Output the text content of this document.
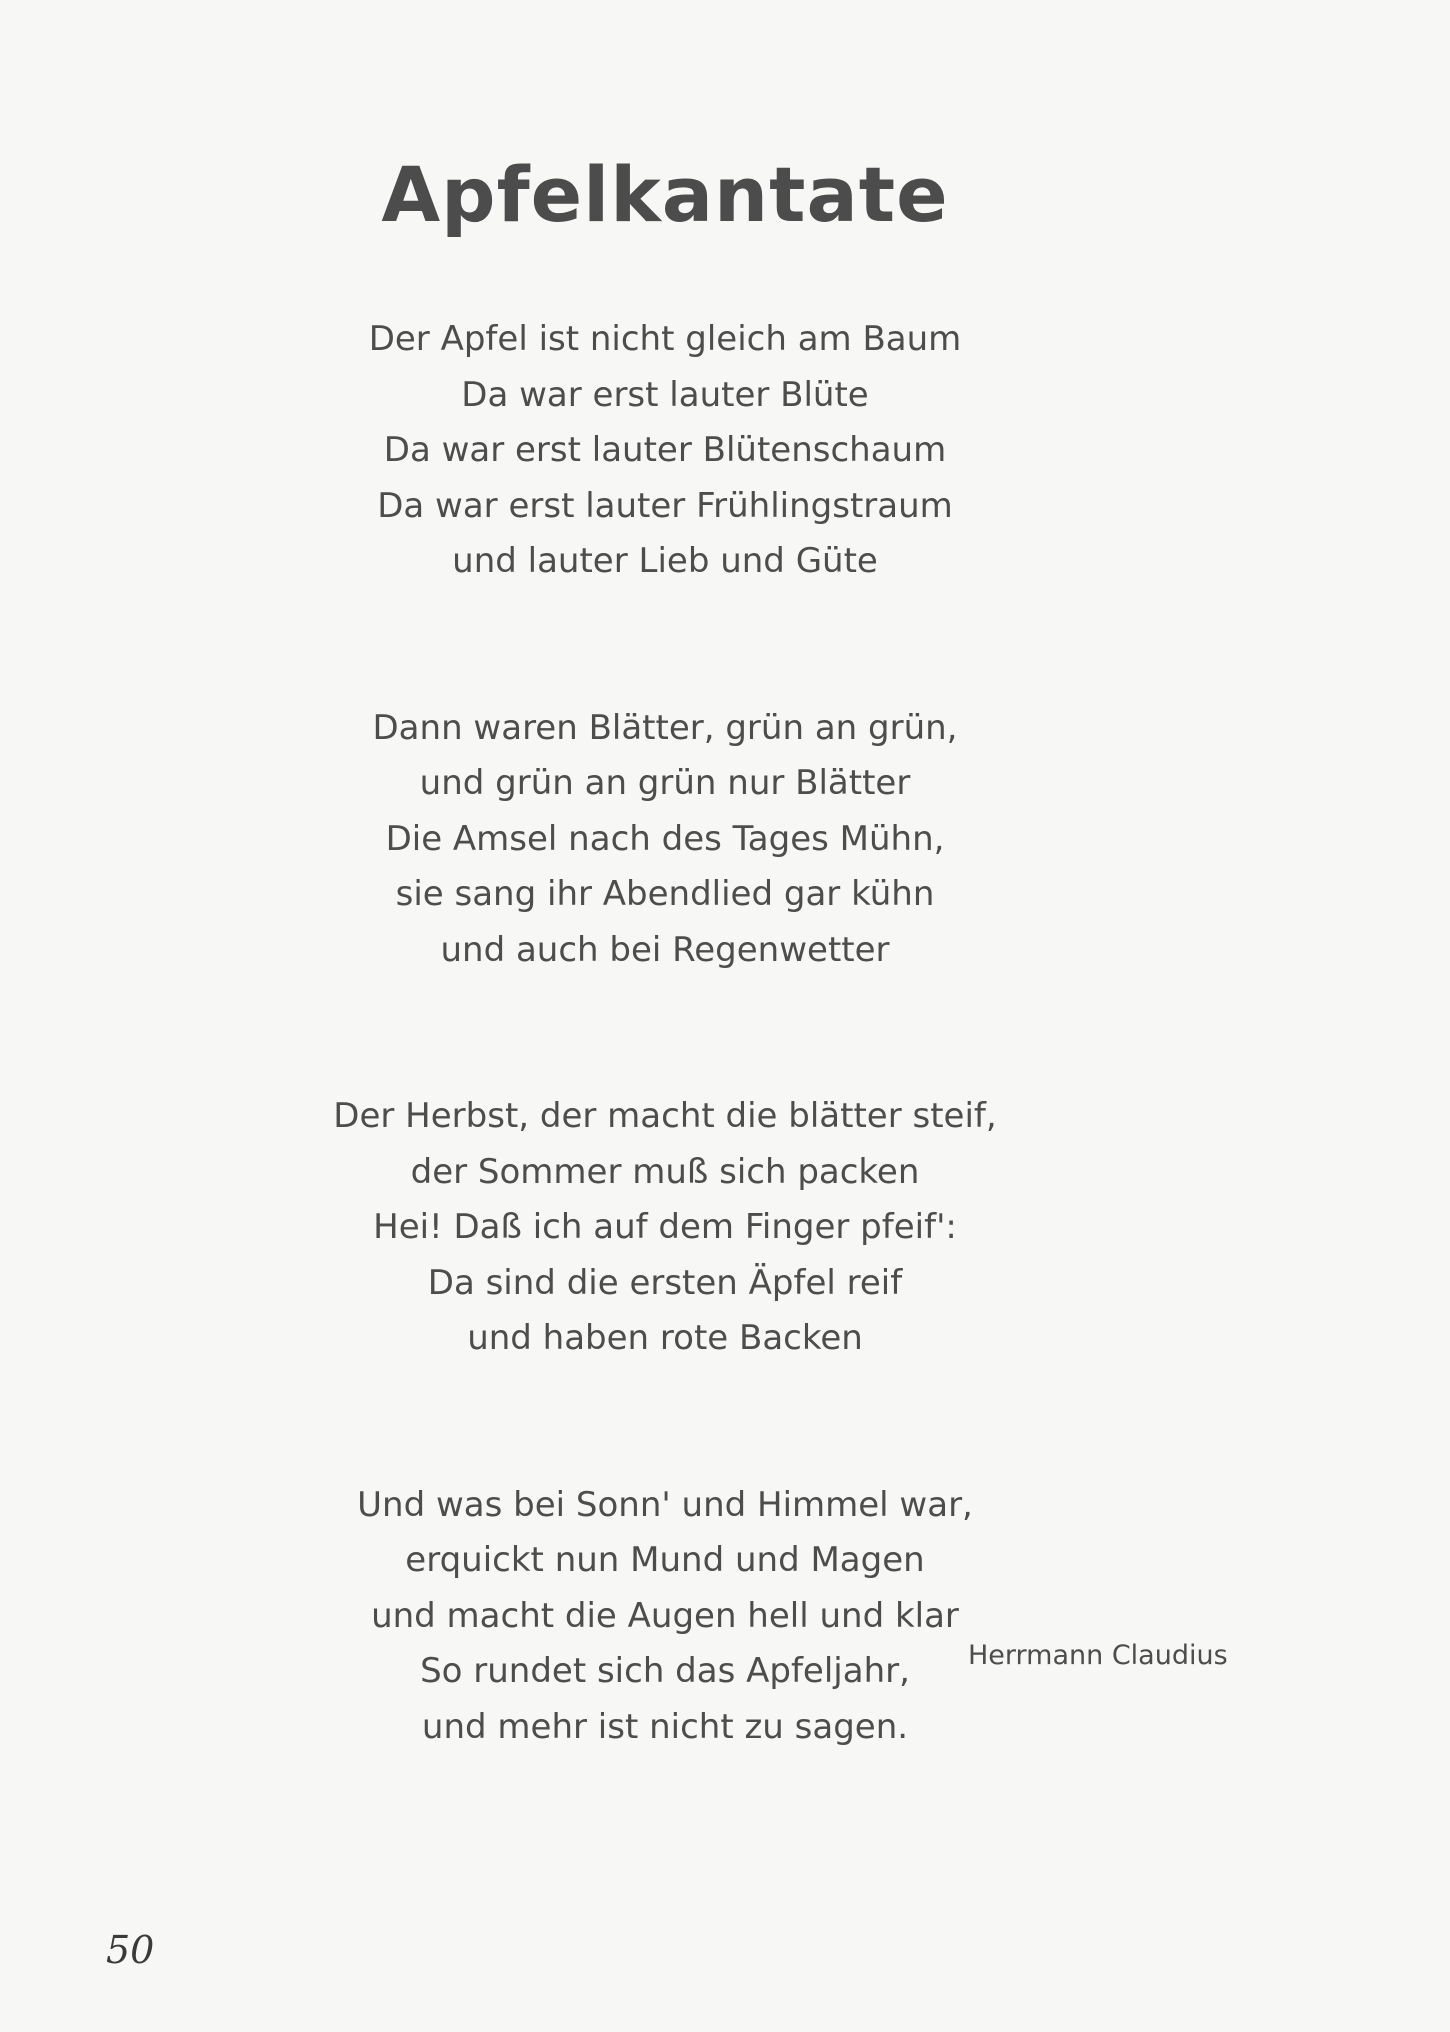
Apfelkantate
Der Apfel ist nicht gleich am Baum
Da war erst lauter Blüte
Da war erst lauter Blütenschaum
Da war erst lauter Frühlingstraum
und lauter Lieb und Güte
Dann waren Blätter, grün an grün,
und grün an grün nur Blätter
Die Amsel nach des Tages Mühn,
sie sang ihr Abendlied gar kühn
und auch bei Regenwetter
Der Herbst, der macht die blätter steif,
der Sommer muß sich packen
Hei! Daß ich auf dem Finger pfeif':
Da sind die ersten Äpfel reif
und haben rote Backen
Und was bei Sonn' und Himmel war,
erquickt nun Mund und Magen
und macht die Augen hell und klar
So rundet sich das Apfeljahr,
und mehr ist nicht zu sagen.
Herrmann Claudius
50
